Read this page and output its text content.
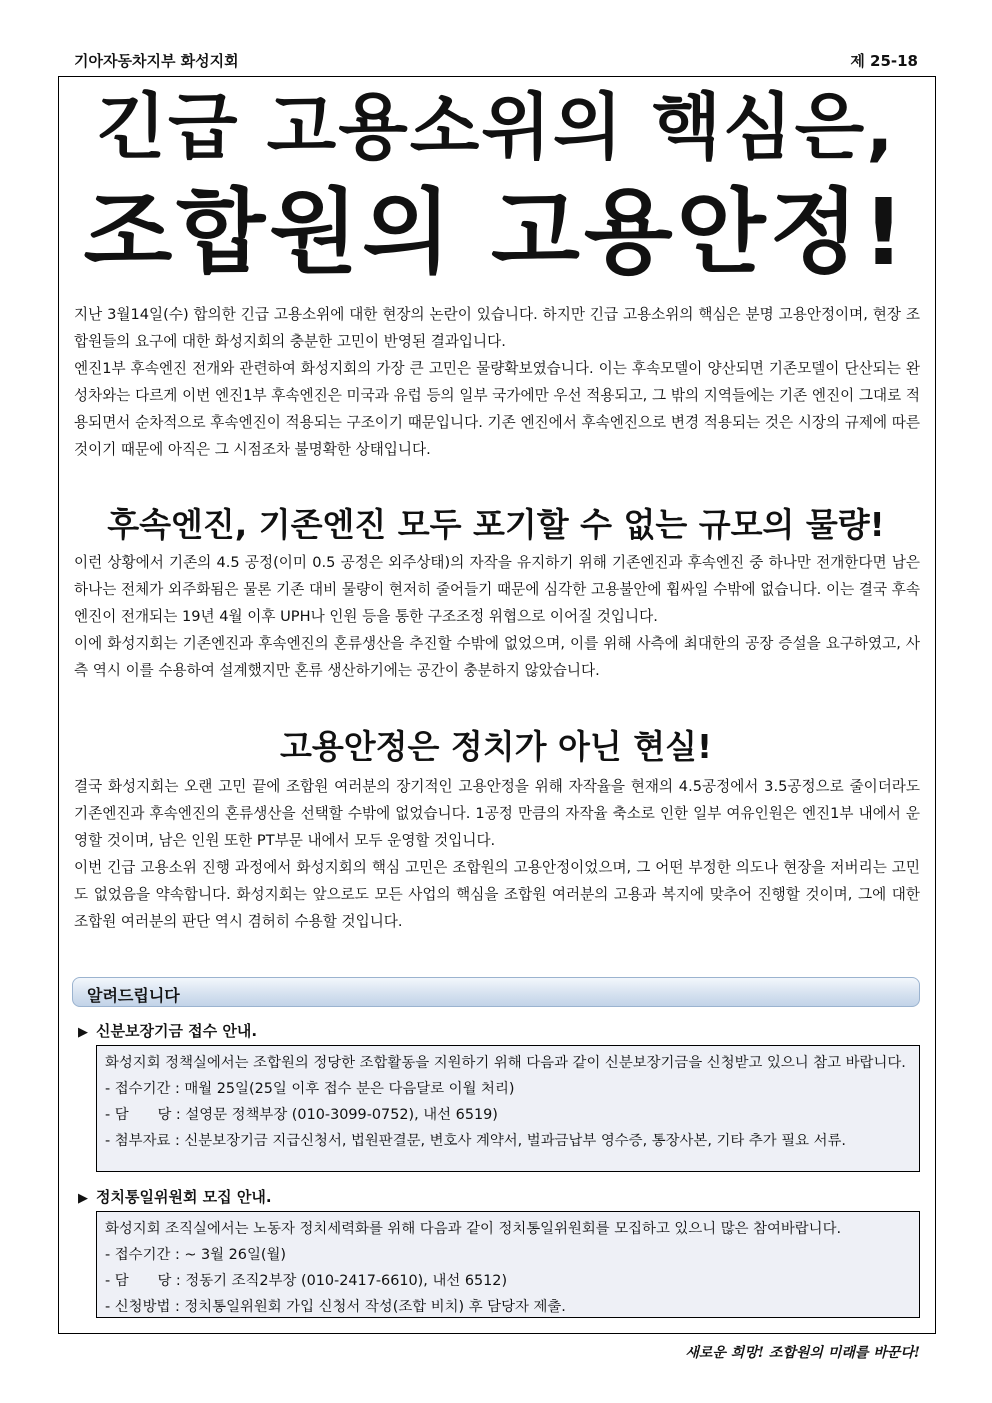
기아자동차지부 화성지회	제 25-18
긴급 고용소위의 핵심은,
조합원의 고용안정!

지난 3월14일(수) 합의한 긴급 고용소위에 대한 현장의 논란이 있습니다. 하지만 긴급 고용소위의 핵심은 분명 고용안정이며, 현장 조합원들의 요구에 대한 화성지회의 충분한 고민이 반영된 결과입니다.

엔진1부 후속엔진 전개와 관련하여 화성지회의 가장 큰 고민은 물량확보였습니다. 이는 후속모델이 양산되면 기존모델이 단산되는 완성차와는 다르게 이번 엔진1부 후속엔진은 미국과 유럽 등의 일부 국가에만 우선 적용되고, 그 밖의 지역들에는 기존 엔진이 그대로 적용되면서 순차적으로 후속엔진이 적용되는 구조이기 때문입니다. 기존 엔진에서 후속엔진으로 변경 적용되는 것은 시장의 규제에 따른 것이기 때문에 아직은 그 시점조차 불명확한 상태입니다.

후속엔진, 기존엔진 모두 포기할 수 없는 규모의 물량!

이런 상황에서 기존의 4.5 공정(이미 0.5 공정은 외주상태)의 자작을 유지하기 위해 기존엔진과 후속엔진 중 하나만 전개한다면 남은 하나는 전체가 외주화됨은 물론 기존 대비 물량이 현저히 줄어들기 때문에 심각한 고용불안에 휩싸일 수밖에 없습니다. 이는 결국 후속엔진이 전개되는 19년 4월 이후 UPH나 인원 등을 통한 구조조정 위협으로 이어질 것입니다.

이에 화성지회는 기존엔진과 후속엔진의 혼류생산을 추진할 수밖에 없었으며, 이를 위해 사측에 최대한의 공장 증설을 요구하였고, 사측 역시 이를 수용하여 설계했지만 혼류 생산하기에는 공간이 충분하지 않았습니다.

고용안정은 정치가 아닌 현실!

결국 화성지회는 오랜 고민 끝에 조합원 여러분의 장기적인 고용안정을 위해 자작율을 현재의 4.5공정에서 3.5공정으로 줄이더라도 기존엔진과 후속엔진의 혼류생산을 선택할 수밖에 없었습니다. 1공정 만큼의 자작율 축소로 인한 일부 여유인원은 엔진1부 내에서 운영할 것이며, 남은 인원 또한 PT부문 내에서 모두 운영할 것입니다.

이번 긴급 고용소위 진행 과정에서 화성지회의 핵심 고민은 조합원의 고용안정이었으며, 그 어떤 부정한 의도나 현장을 저버리는 고민도 없었음을 약속합니다. 화성지회는 앞으로도 모든 사업의 핵심을 조합원 여러분의 고용과 복지에 맞추어 진행할 것이며, 그에 대한 조합원 여러분의 판단 역시 겸허히 수용할 것입니다.

알려드립니다
▶ 신분보장기금 접수 안내.
화성지회 정책실에서는 조합원의 정당한 조합활동을 지원하기 위해 다음과 같이 신분보장기금을 신청받고 있으니 참고 바랍니다.
- 접수기간 : 매월 25일(25일 이후 접수 분은 다음달로 이월 처리)
- 담　　당 : 설영문 정책부장 (010-3099-0752), 내선 6519)
- 첨부자료 : 신분보장기금 지급신청서, 법원판결문, 변호사 계약서, 벌과금납부 영수증, 통장사본, 기타 추가 필요 서류.
▶ 정치통일위원회 모집 안내.
화성지회 조직실에서는 노동자 정치세력화를 위해 다음과 같이 정치통일위원회를 모집하고 있으니 많은 참여바랍니다.
- 접수기간 : ~ 3월 26일(월)
- 담　　당 : 정동기 조직2부장 (010-2417-6610), 내선 6512)
- 신청방법 : 정치통일위원회 가입 신청서 작성(조합 비치) 후 담당자 제출.
새로운 희망! 조합원의 미래를 바꾼다!
